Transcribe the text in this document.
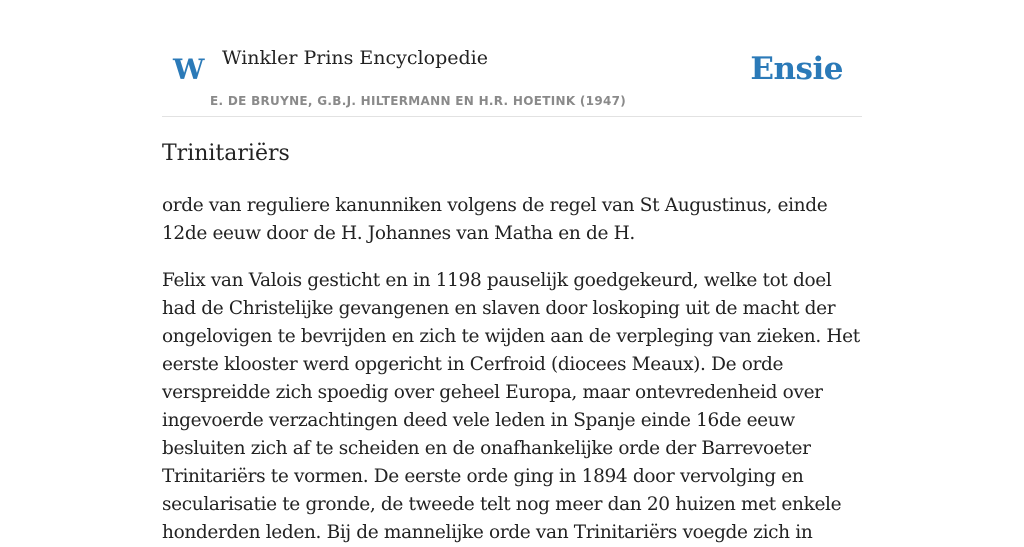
W Winkler Prins Encyclopedie
E. DE BRUYNE, G.B.J. HILTERMANN EN H.R. HOETINK (1947)
Ensie
Trinitariërs

orde van reguliere kanunniken volgens de regel van St Augustinus, einde 12de eeuw door de H. Johannes van Matha en de H.

Felix van Valois gesticht en in 1198 pauselijk goedgekeurd, welke tot doel had de Christelijke gevangenen en slaven door loskoping uit de macht der ongelovigen te bevrijden en zich te wijden aan de verpleging van zieken. Het eerste klooster werd opgericht in Cerfroid (diocees Meaux). De orde verspreidde zich spoedig over geheel Europa, maar ontevredenheid over ingevoerde verzachtingen deed vele leden in Spanje einde 16de eeuw besluiten zich af te scheiden en de onafhankelijke orde der Barrevoeter Trinitariërs te vormen. De eerste orde ging in 1894 door vervolging en secularisatie te gronde, de tweede telt nog meer dan 20 huizen met enkele honderden leden. Bij de mannelijke orde van Trinitariërs voegde zich in
